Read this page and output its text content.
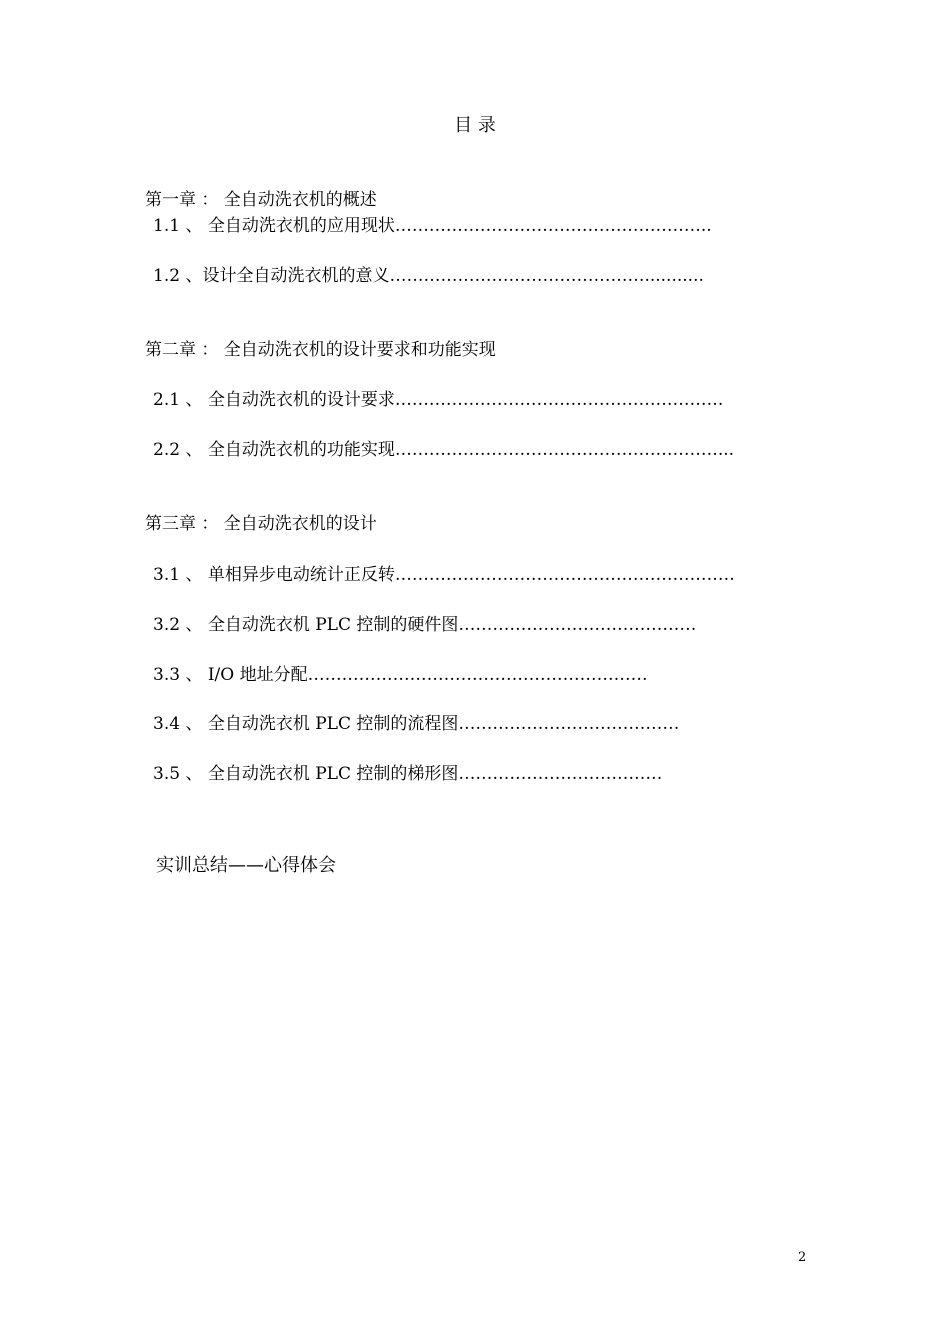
目 录
第一章 ： 全自动洗衣机的概述
1.1 、 全自动洗衣机的应用现状………………………………………………..
1.2 、设计全自动洗衣机的意义………………………………………...........
第二章 ： 全自动洗衣机的设计要求和功能实现
2.1 、 全自动洗衣机的设计要求………………………………………………….
2.2 、 全自动洗衣机的功能实现…………………………………………………...
第三章 ： 全自动洗衣机的设计
3.1 、 单相异步电动统计正反转……………………………………………………
3.2 、 全自动洗衣机 PLC 控制的硬件图……………………………………
3.3 、 I/O 地址分配……………………………………………………
3.4 、 全自动洗衣机 PLC 控制的流程图…………………………………
3.5 、 全自动洗衣机 PLC 控制的梯形图………………………………
实训总结——心得体会
2
